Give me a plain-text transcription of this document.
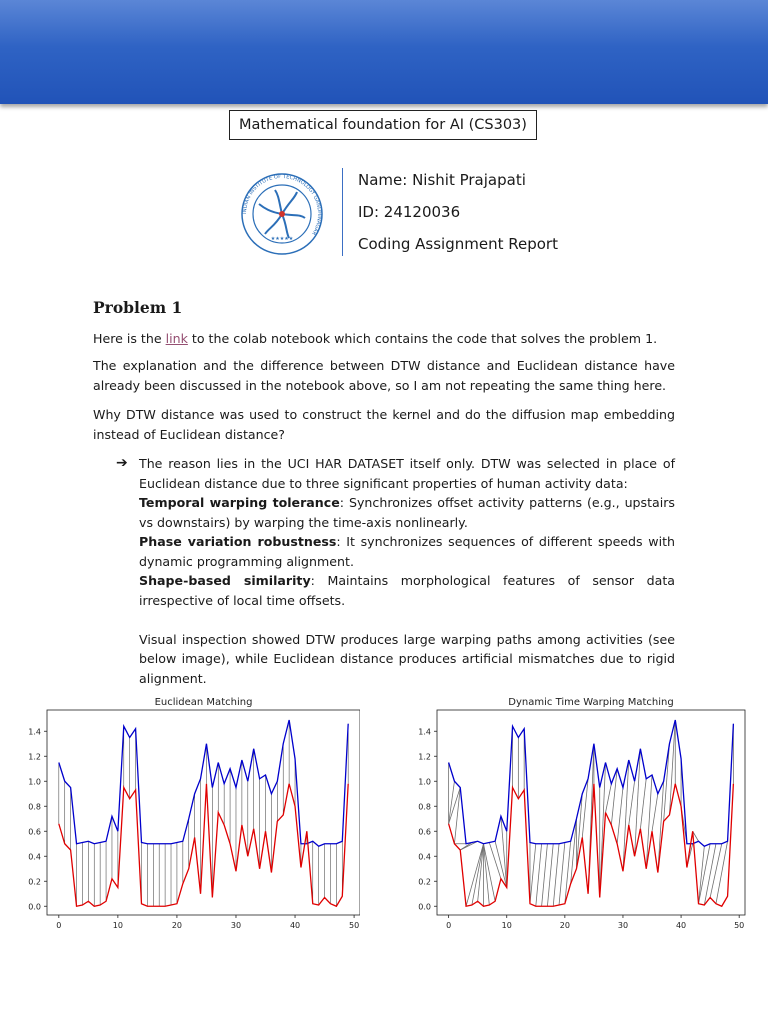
Mathematical foundation for AI (CS303)
INDIAN INSTITUTE OF TECHNOLOGY GANDHINAGAR
★★★★★
Name: Nishit Prajapati
ID: 24120036
Coding Assignment Report
Problem 1
Here is the link to the colab notebook which contains the code that solves the problem 1.
The explanation and the difference between DTW distance and Euclidean distance have already been discussed in the notebook above, so I am not repeating the same thing here.
Why DTW distance was used to construct the kernel and do the diffusion map embedding instead of Euclidean distance?
➔ The reason lies in the UCI HAR DATASET itself only. DTW was selected in place of Euclidean distance due to three significant properties of human activity data:

Temporal warping tolerance: Synchronizes offset activity patterns (e.g., upstairs vs downstairs) by warping the time-axis nonlinearly.

Phase variation robustness: It synchronizes sequences of different speeds with dynamic programming alignment.

Shape-based similarity: Maintains morphological features of sensor data irrespective of local time offsets.

Visual inspection showed DTW produces large warping paths among activities (see below image), while Euclidean distance produces artificial mismatches due to rigid alignment.

Euclidean Matching
0.0
0.2
0.4
0.6
0.8
1.0
1.2
1.4
0	10	20	30	40	50
Dynamic Time Warping Matching
0.0
0.2
0.4
0.6
0.8
1.0
1.2
1.4
0	10	20	30	40	50
